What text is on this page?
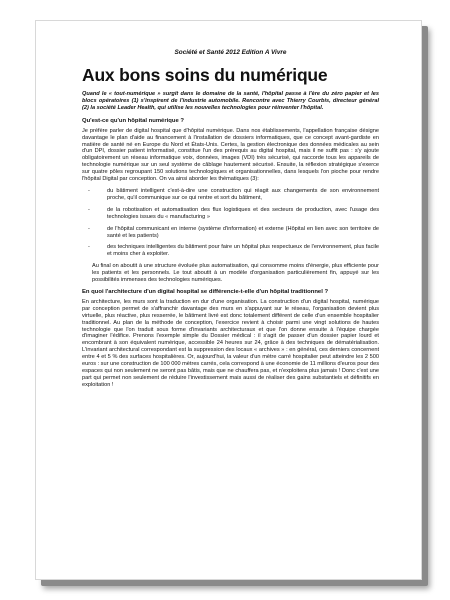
Société et Santé 2012 Edition A Vivre
Aux bons soins du numérique

Quand le « tout-numérique » surgit dans le domaine de la santé, l'hôpital passe à l'ère du zéro papier et les blocs opératoires (1) s'inspirent de l'industrie automobile. Rencontre avec Thierry Courbis, directeur général (2) la société Leader Health, qui utilise les nouvelles technologies pour réinventer l'hôpital.

Qu'est-ce qu'un hôpital numérique ?

Je préfère parler de digital hospital que d'hôpital numérique. Dans nos établissements, l'appellation française désigne davantage le plan d'aide au financement à l'installation de dossiers informatiques, que ce concept avant-gardiste en matière de santé né en Europe du Nord et États-Unis. Certes, la gestion électronique des données médicales au sein d'un DPI, dossier patient informatisé, constitue l'un des prérequis au digital hospital, mais il ne suffit pas : s'y ajoute obligatoirement un réseau informatique voix, données, images (VDI) très sécurisé, qui raccorde tous les appareils de technologie numérique sur un seul système de câblage hautement sécurisé. Ensuite, la réflexion stratégique s'exerce sur quatre pôles regroupant 150 solutions technologiques et organisationnelles, dans lesquels l'on pioche pour rendre l'hôpital Digital par conception. On va ainsi aborder les thématiques (3):

-	du bâtiment intelligent c'est-à-dire une construction qui réagit aux changements de son environnement proche, qu'il communique sur ce qui rentre et sort du bâtiment,
-	de la robotisation et automatisation des flux logistiques et des secteurs de production, avec l'usage des technologies issues du « manufacturing »
-	de l'hôpital communicant en interne (système d'information) et externe (Hôpital en lien avec son territoire de santé et les patients)
-	des techniques intelligentes du bâtiment pour faire un hôpital plus respectueux de l'environnement, plus facile et moins cher à exploiter.

Au final on aboutit à une structure évoluée plus automatisation, qui consomme moins d'énergie, plus efficiente pour les patients et les personnels. Le tout aboutit à un modèle d'organisation particulièrement fin, appuyé sur les possibilités immenses des technologies numériques.

En quoi l'architecture d'un digital hospital se différencie-t-elle d'un hôpital traditionnel ?

En architecture, les murs sont la traduction en dur d'une organisation. La construction d'un digital hospital, numérique par conception permet de s'affranchir davantage des murs en s'appuyant sur le réseau, l'organisation devient plus virtuelle, plus réactive, plus resserrée, le bâtiment livré est donc totalement différent de celle d'un ensemble hospitalier traditionnel. Au plan de la méthode de conception, l'exercice revient à choisir parmi une vingt solutions de hautes technologie que l'on traduit sous forme d'invariants architecturaux et que l'on donne ensuite à l'équipe chargée d'imaginer l'édifice. Prenons l'exemple simple du Dossier médical : il s'agit de passer d'un dossier papier lourd et encombrant à son équivalent numérique, accessible 24 heures sur 24, grâce à des techniques de dématérialisation. L'invariant architectural correspondant est la suppression des locaux « archives » : en général, ces derniers concernent entre 4 et 5 % des surfaces hospitalières. Or, aujourd'hui, la valeur d'un mètre carré hospitalier peut atteindre les 2 500 euros : sur une construction de 100 000 mètres carrés, cela correspond à une économie de 11 millions d'euros pour des espaces qui non seulement ne seront pas bâtis, mais que ne chauffera pas, et n'exploitera plus jamais ! Donc c'est une part qui permet non seulement de réduire l'investissement mais aussi de réaliser des gains substantiels et définitifs en exploitation !
